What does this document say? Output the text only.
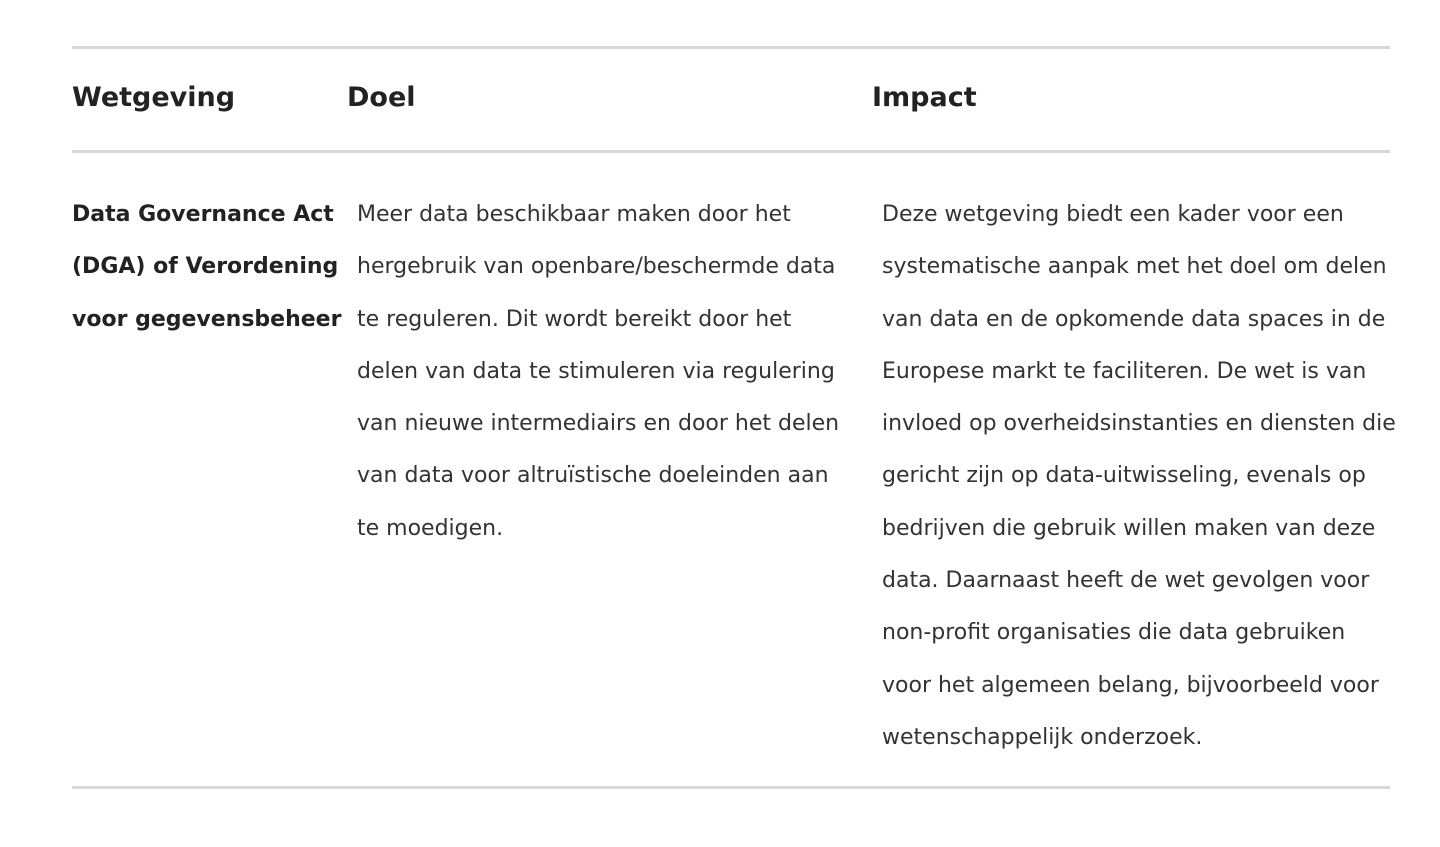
Wetgeving	Doel	Impact
Data Governance Act (DGA) of Verordening voor gegevensbeheer
Meer data beschikbaar maken door het hergebruik van openbare/beschermde data te reguleren. Dit wordt bereikt door het delen van data te stimuleren via regulering van nieuwe intermediairs en door het delen van data voor altruïstische doeleinden aan te moedigen.
Deze wetgeving biedt een kader voor een systematische aanpak met het doel om delen van data en de opkomende data spaces in de Europese markt te faciliteren. De wet is van invloed op overheidsinstanties en diensten die gericht zijn op data-uitwisseling, evenals op bedrijven die gebruik willen maken van deze data. Daarnaast heeft de wet gevolgen voor non-profit organisaties die data gebruiken voor het algemeen belang, bijvoorbeeld voor wetenschappelijk onderzoek.
